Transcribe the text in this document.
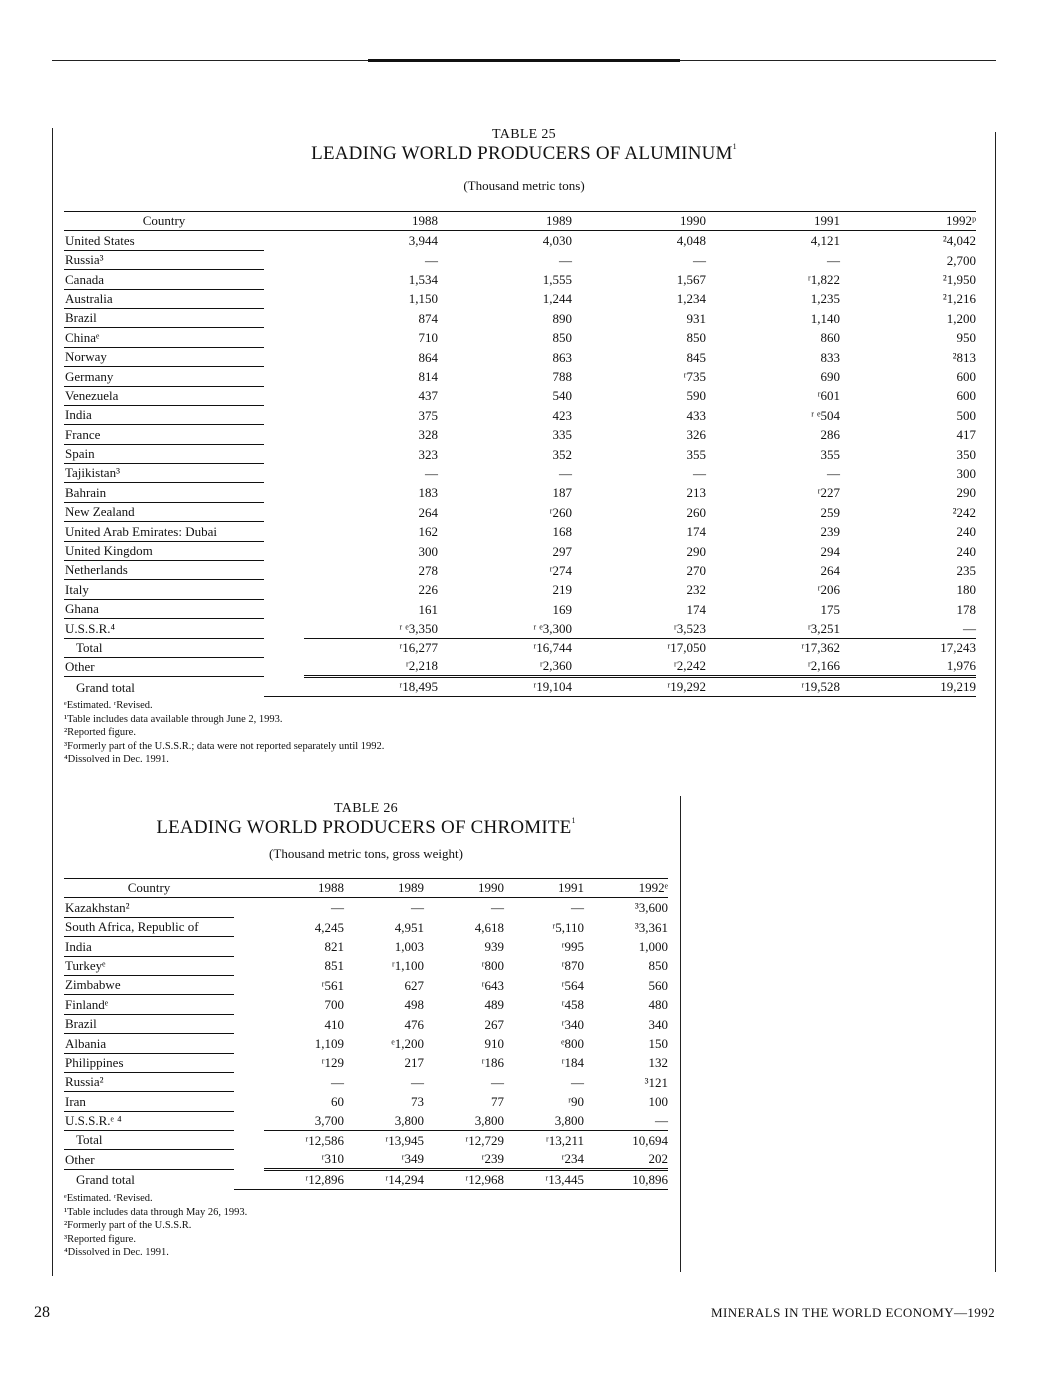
TABLE 25
LEADING WORLD PRODUCERS OF ALUMINUM$^1$
(Thousand metric tons)
Country		1988	1989	1990	1991	1992ᵖ
United States		3,944	4,030	4,048	4,121	²4,042
Russia³		—	—	—	—	2,700
Canada		1,534	1,555	1,567	ʳ1,822	²1,950
Australia		1,150	1,244	1,234	1,235	²1,216
Brazil		874	890	931	1,140	1,200
Chinaᵉ		710	850	850	860	950
Norway		864	863	845	833	²813
Germany		814	788	ʳ735	690	600
Venezuela		437	540	590	ʳ601	600
India		375	423	433	ʳ ᵉ504	500
France		328	335	326	286	417
Spain		323	352	355	355	350
Tajikistan³		—	—	—	—	300
Bahrain		183	187	213	ʳ227	290
New Zealand		264	ʳ260	260	259	²242
United Arab Emirates: Dubai		162	168	174	239	240
United Kingdom		300	297	290	294	240
Netherlands		278	ʳ274	270	264	235
Italy		226	219	232	ʳ206	180
Ghana		161	169	174	175	178
U.S.S.R.⁴		ʳ ᵉ3,350	ʳ ᵉ3,300	ʳ3,523	ʳ3,251	—
Total		ʳ16,277	ʳ16,744	ʳ17,050	ʳ17,362	17,243
Other		ʳ2,218	ʳ2,360	ʳ2,242	ʳ2,166	1,976
Grand total		ʳ18,495	ʳ19,104	ʳ19,292	ʳ19,528	19,219
ᵉEstimated. ʳRevised.
¹Table includes data available through June 2, 1993.
²Reported figure.
³Formerly part of the U.S.S.R.; data were not reported separately until 1992.
⁴Dissolved in Dec. 1991.
TABLE 26
LEADING WORLD PRODUCERS OF CHROMITE$^1$
(Thousand metric tons, gross weight)
Country		1988	1989	1990	1991	1992ᵉ
Kazakhstan²		—	—	—	—	³3,600
South Africa, Republic of		4,245	4,951	4,618	ʳ5,110	³3,361
India		821	1,003	939	ʳ995	1,000
Turkeyᵉ		851	ʳ1,100	ʳ800	ʳ870	850
Zimbabwe		ʳ561	627	ʳ643	ʳ564	560
Finlandᵉ		700	498	489	ʳ458	480
Brazil		410	476	267	ʳ340	340
Albania		1,109	ᵉ1,200	910	ᵉ800	150
Philippines		ʳ129	217	ʳ186	ʳ184	132
Russia²		—	—	—	—	³121
Iran		60	73	77	ʳ90	100
U.S.S.R.ᵉ ⁴		3,700	3,800	3,800	3,800	—
Total		ʳ12,586	ʳ13,945	ʳ12,729	ʳ13,211	10,694
Other		ʳ310	ʳ349	ʳ239	ʳ234	202
Grand total		ʳ12,896	ʳ14,294	ʳ12,968	ʳ13,445	10,896
ᵉEstimated. ʳRevised.
¹Table includes data through May 26, 1993.
²Formerly part of the U.S.S.R.
³Reported figure.
⁴Dissolved in Dec. 1991.
28	MINERALS IN THE WORLD ECONOMY—1992
